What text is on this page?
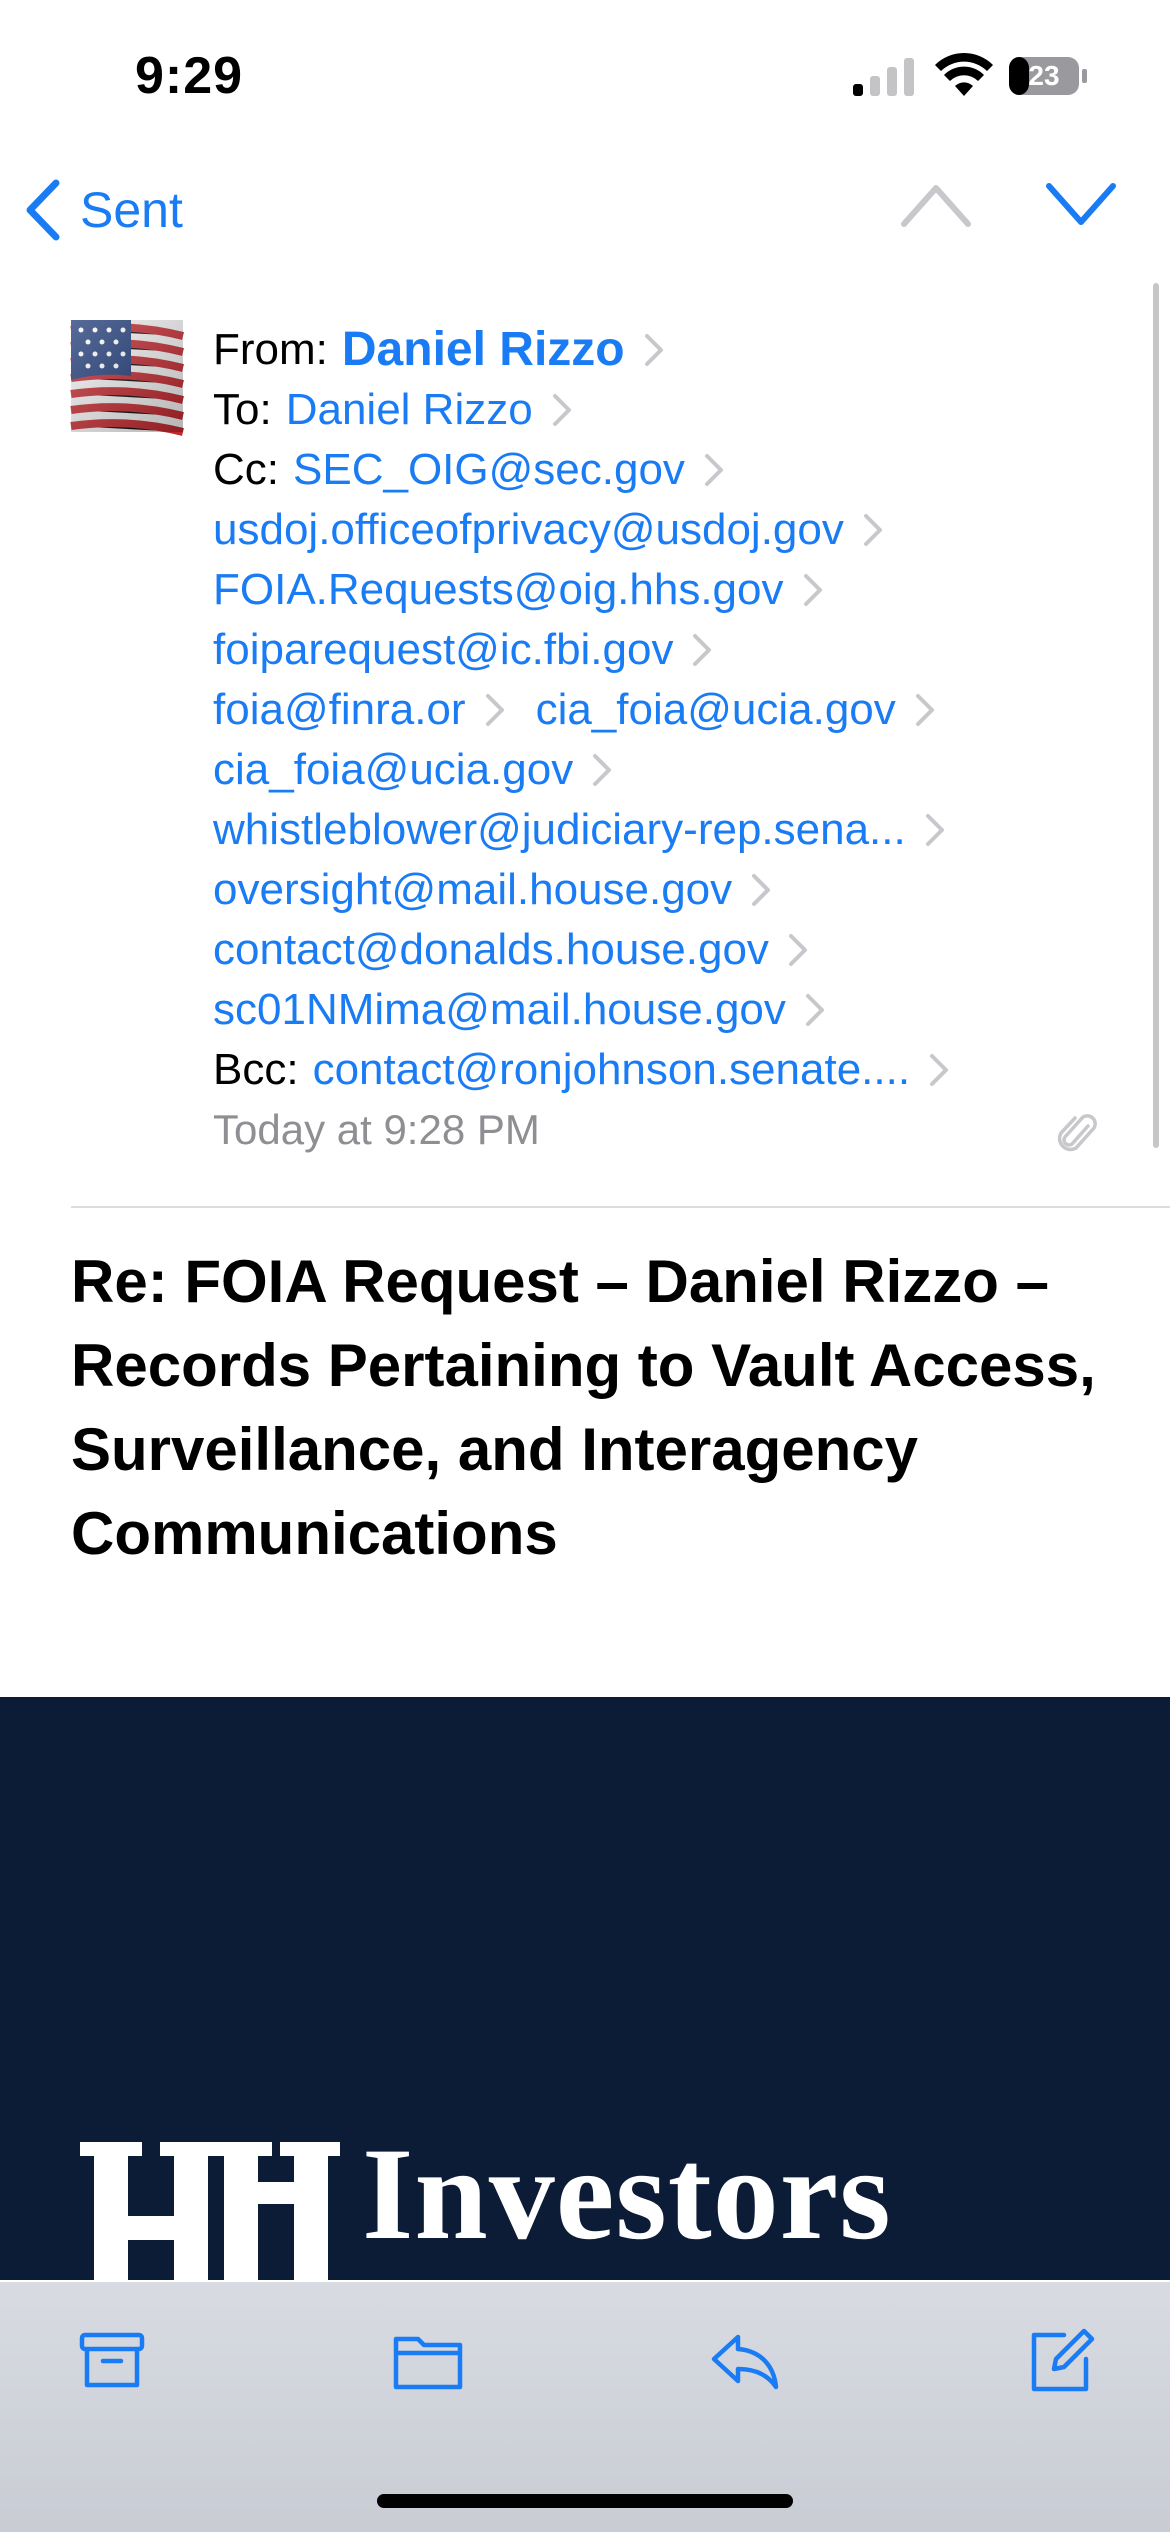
9:29	23
Sent
From: Daniel Rizzo
To: Daniel Rizzo
Cc: SEC_OIG@sec.gov
usdoj.officeofprivacy@usdoj.gov
FOIA.Requests@oig.hhs.gov
foiparequest@ic.fbi.gov
foia@finra.or cia_foia@ucia.gov
cia_foia@ucia.gov
whistleblower@judiciary-rep.sena...
oversight@mail.house.gov
contact@donalds.house.gov
sc01NMima@mail.house.gov
Bcc: contact@ronjohnson.senate....
Today at 9:28 PM
Re: FOIA Request – Daniel Rizzo – Records Pertaining to Vault Access, Surveillance, and Interagency Communications
Investors
